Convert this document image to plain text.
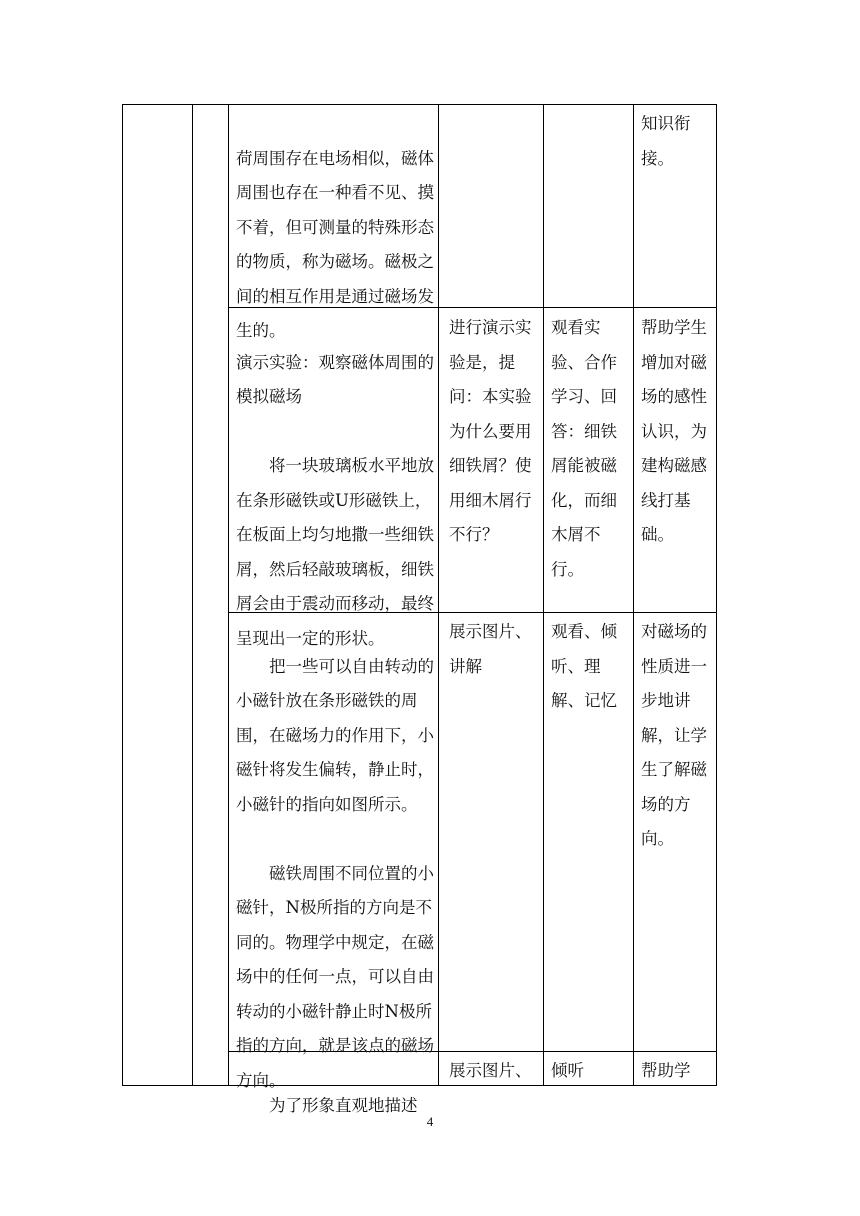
荷周围存在电场相似，磁体周围也存在一种看不见、摸不着，但可测量的特殊形态的物质，称为磁场。磁极之间的相互作用是通过磁场发生的。

知识衔接。

演示实验：观察磁体周围的模拟磁场

将一块玻璃板水平地放在条形磁铁或U形磁铁上，在板面上均匀地撒一些细铁屑，然后轻敲玻璃板，细铁屑会由于震动而移动，最终呈现出一定的形状。

进行演示实验是，提问：本实验为什么要用细铁屑？使用细木屑行不行？
观看实验、合作学习、回答：细铁屑能被磁化，而细木屑不行。
帮助学生增加对磁场的感性认识，为建构磁感线打基础。

把一些可以自由转动的小磁针放在条形磁铁的周围，在磁场力的作用下，小磁针将发生偏转，静止时，小磁针的指向如图所示。

磁铁周围不同位置的小磁针，N极所指的方向是不同的。物理学中规定，在磁场中的任何一点，可以自由转动的小磁针静止时N极所指的方向，就是该点的磁场方向。

展示图片、讲解
观看、倾听、理解、记忆
对磁场的性质进一步地讲解，让学生了解磁场的方向。

为了形象直观地描述

展示图片、	倾听	帮助学
4
